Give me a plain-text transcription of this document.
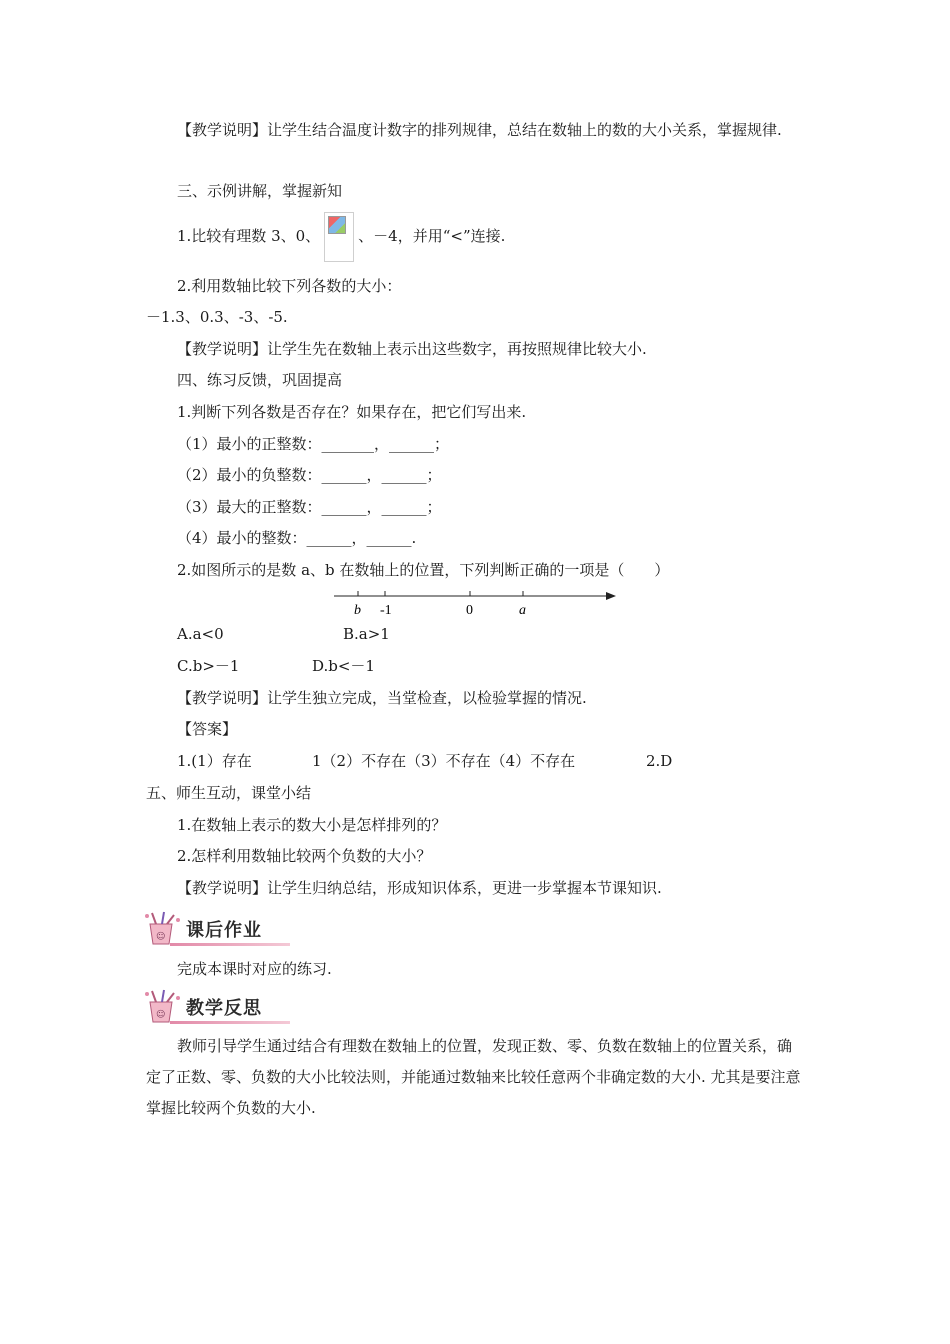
【教学说明】让学生结合温度计数字的排列规律，总结在数轴上的数的大小关系，掌握规律.
三、示例讲解，掌握新知
1.比较有理数 3、0、	、－4，并用“<”连接.
2.利用数轴比较下列各数的大小：
－1.3、0.3、-3、-5.
【教学说明】让学生先在数轴上表示出这些数字，再按照规律比较大小.
四、练习反馈，巩固提高
1.判断下列各数是否存在？如果存在，把它们写出来.
（1）最小的正整数：_______，______；
（2）最小的负整数：______，______；
（3）最大的正整数：______，______；
（4）最小的整数：______，______.
2.如图所示的是数 a、b 在数轴上的位置，下列判断正确的一项是（　　）
b -1	0	a
A.a<0	B.a>1
C.b>－1	D.b<－1
【教学说明】让学生独立完成，当堂检查，以检验掌握的情况.
【答案】
1.(1）存在	1（2）不存在（3）不存在（4）不存在	2.D
五、师生互动，课堂小结
1.在数轴上表示的数大小是怎样排列的？
2.怎样利用数轴比较两个负数的大小？
【教学说明】让学生归纳总结，形成知识体系，更进一步掌握本节课知识.
☺ 课后作业
完成本课时对应的练习.
☺ 教学反思
教师引导学生通过结合有理数在数轴上的位置，发现正数、零、负数在数轴上的位置关系，确定了正数、零、负数的大小比较法则，并能通过数轴来比较任意两个非确定数的大小. 尤其是要注意掌握比较两个负数的大小.
